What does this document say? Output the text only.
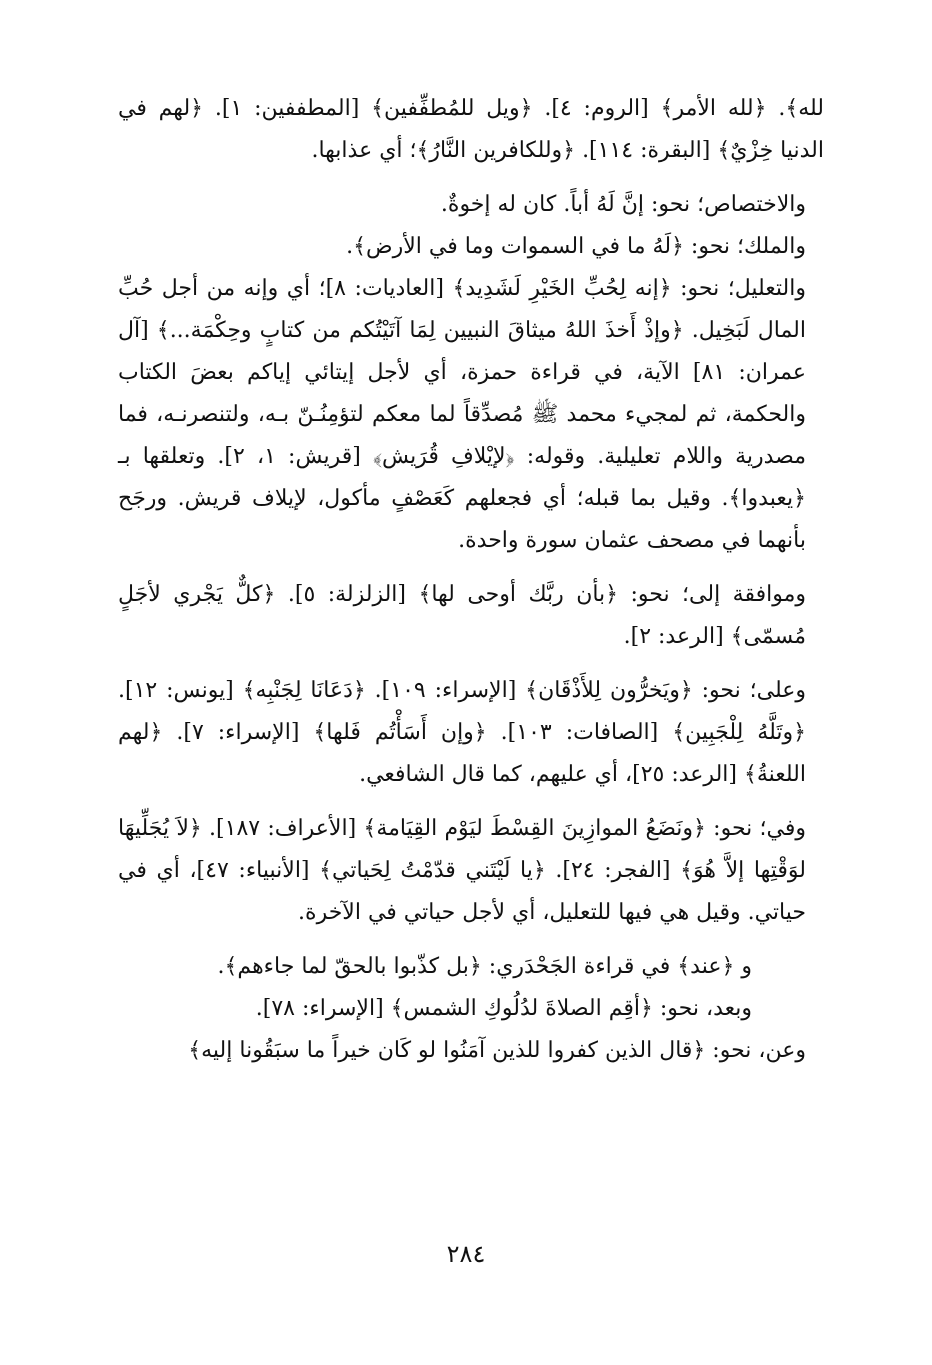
لله﴾. ﴿لله الأمر﴾ [الروم: ٤]. ﴿ويل للمُطفِّفين﴾ [المطففين: ١]. ﴿لهم في الدنيا خِزْيٌ﴾ [البقرة: ١١٤]. ﴿وللكافرين النَّارُ﴾؛ أي عذابها.

والاختصاص؛ نحو: إنَّ لَهُ أباً. كان له إخوةٌ.

والملك؛ نحو: ﴿لَهُ ما في السموات وما في الأرض﴾.

والتعليل؛ نحو: ﴿إنه لِحُبِّ الخَيْرِ لَشَدِيد﴾ [العاديات: ٨]؛ أي وإنه من أجل حُبِّ المال لَبَخِيل. ﴿وإذْ أَخذَ اللهُ ميثاقَ النبيين لِمَا آتَيْتُكم من كتابٍ وحِكْمَة...﴾ [آل عمران: ٨١] الآية، في قراءة حمزة، أي لأجل إيتائي إياكم بعضَ الكتاب والحكمة، ثم لمجيء محمد ﷺ مُصدِّقاً لما معكم لتؤمِنُـنّ بـه، ولتنصرنـه، فما مصدرية واللام تعليلية. وقوله: ﴿لإيْلافِ قُرَيش﴾ [قريش: ١، ٢]. وتعلقها بـ ﴿يعبدوا﴾. وقيل بما قبله؛ أي فجعلهم كَعَصْفٍ مأكول، لإيلاف قريش. ورجَح بأنهما في مصحف عثمان سورة واحدة.

وموافقة إلى؛ نحو: ﴿بأن ربَّك أوحى لها﴾ [الزلزلة: ٥]. ﴿كلٌّ يَجْري لأجَلٍ مُسمّى﴾ [الرعد: ٢].

وعلى؛ نحو: ﴿ويَخرُّون لِلأَذْقَان﴾ [الإسراء: ١٠٩]. ﴿دَعَانَا لِجَنْبِه﴾ [يونس: ١٢]. ﴿وتَلَّهُ لِلْجَبِين﴾ [الصافات: ١٠٣]. ﴿وإن أَسَأْتُم فَلها﴾ [الإسراء: ٧]. ﴿لهم اللعنةُ﴾ [الرعد: ٢٥]، أي عليهم، كما قال الشافعي.

وفي؛ نحو: ﴿ونَضَعُ الموازِينَ القِسْطَ ليَوْم القِيَامة﴾ [الأعراف: ١٨٧]. ﴿لاَ يُجَلِّيهَا لوَقْتِها إلاَّ هُوَ﴾ [الفجر: ٢٤]. ﴿يا لَيْتَني قدّمْتُ لِحَياتي﴾ [الأنبياء: ٤٧]، أي في حياتي. وقيل هي فيها للتعليل، أي لأجل حياتي في الآخرة.

و ﴿عند﴾ في قراءة الجَحْدَري: ﴿بل كذّبوا بالحقّ لما جاءهم﴾.

وبعد، نحو: ﴿أقِم الصلاةَ لدُلُوكِ الشمس﴾ [الإسراء: ٧٨].

وعن، نحو: ﴿قال الذين كفروا للذين آمَنُوا لو كَان خيراً ما سبَقُونا إليه﴾

٢٨٤
